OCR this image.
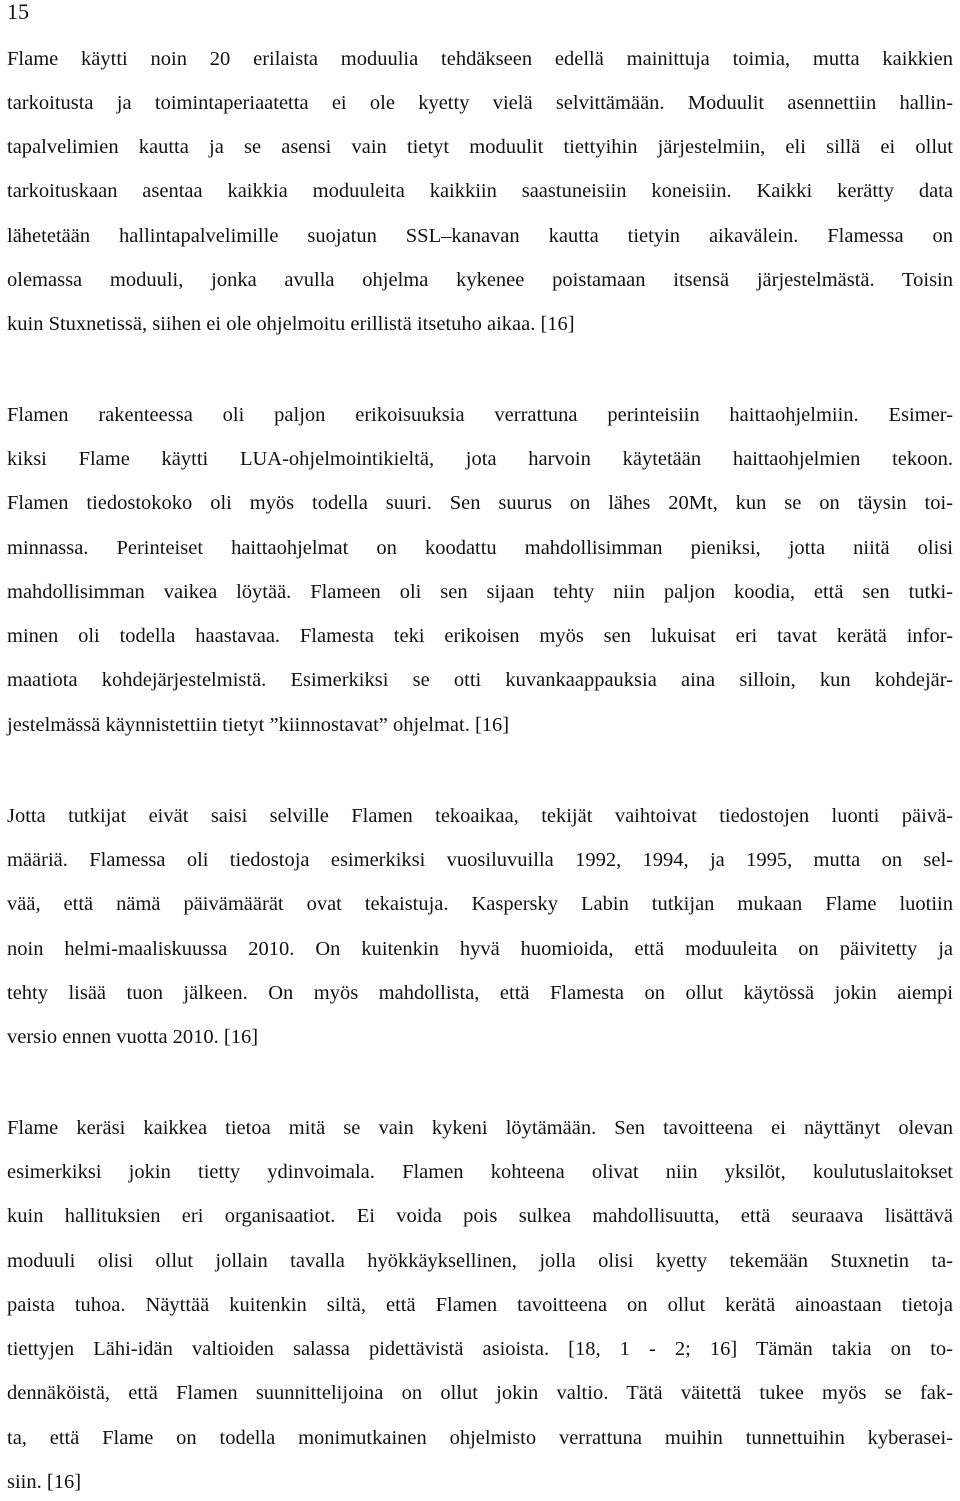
15

Flame käytti noin 20 erilaista moduulia tehdäkseen edellä mainittuja toimia, mutta kaikkien

tarkoitusta ja toimintaperiaatetta ei ole kyetty vielä selvittämään. Moduulit asennettiin hallin-

tapalvelimien kautta ja se asensi vain tietyt moduulit tiettyihin järjestelmiin, eli sillä ei ollut

tarkoituskaan asentaa kaikkia moduuleita kaikkiin saastuneisiin koneisiin. Kaikki kerätty data

lähetetään hallintapalvelimille suojatun SSL–kanavan kautta tietyin aikavälein. Flamessa on

olemassa moduuli, jonka avulla ohjelma kykenee poistamaan itsensä järjestelmästä. Toisin

kuin Stuxnetissä, siihen ei ole ohjelmoitu erillistä itsetuho aikaa. [16]

Flamen rakenteessa oli paljon erikoisuuksia verrattuna perinteisiin haittaohjelmiin. Esimer-

kiksi Flame käytti LUA-ohjelmointikieltä, jota harvoin käytetään haittaohjelmien tekoon.

Flamen tiedostokoko oli myös todella suuri. Sen suurus on lähes 20Mt, kun se on täysin toi-

minnassa. Perinteiset haittaohjelmat on koodattu mahdollisimman pieniksi, jotta niitä olisi

mahdollisimman vaikea löytää. Flameen oli sen sijaan tehty niin paljon koodia, että sen tutki-

minen oli todella haastavaa. Flamesta teki erikoisen myös sen lukuisat eri tavat kerätä infor-

maatiota kohdejärjestelmistä. Esimerkiksi se otti kuvankaappauksia aina silloin, kun kohdejär-

jestelmässä käynnistettiin tietyt ”kiinnostavat” ohjelmat. [16]

Jotta tutkijat eivät saisi selville Flamen tekoaikaa, tekijät vaihtoivat tiedostojen luonti päivä-

määriä. Flamessa oli tiedostoja esimerkiksi vuosiluvuilla 1992, 1994, ja 1995, mutta on sel-

vää, että nämä päivämäärät ovat tekaistuja. Kaspersky Labin tutkijan mukaan Flame luotiin

noin helmi-maaliskuussa 2010. On kuitenkin hyvä huomioida, että moduuleita on päivitetty ja

tehty lisää tuon jälkeen. On myös mahdollista, että Flamesta on ollut käytössä jokin aiempi

versio ennen vuotta 2010. [16]

Flame keräsi kaikkea tietoa mitä se vain kykeni löytämään. Sen tavoitteena ei näyttänyt olevan

esimerkiksi jokin tietty ydinvoimala. Flamen kohteena olivat niin yksilöt, koulutuslaitokset

kuin hallituksien eri organisaatiot. Ei voida pois sulkea mahdollisuutta, että seuraava lisättävä

moduuli olisi ollut jollain tavalla hyökkäyksellinen, jolla olisi kyetty tekemään Stuxnetin ta-

paista tuhoa. Näyttää kuitenkin siltä, että Flamen tavoitteena on ollut kerätä ainoastaan tietoja

tiettyjen Lähi-idän valtioiden salassa pidettävistä asioista. [18, 1 - 2; 16] Tämän takia on to-

dennäköistä, että Flamen suunnittelijoina on ollut jokin valtio. Tätä väitettä tukee myös se fak-

ta, että Flame on todella monimutkainen ohjelmisto verrattuna muihin tunnettuihin kyberasei-

siin. [16]
